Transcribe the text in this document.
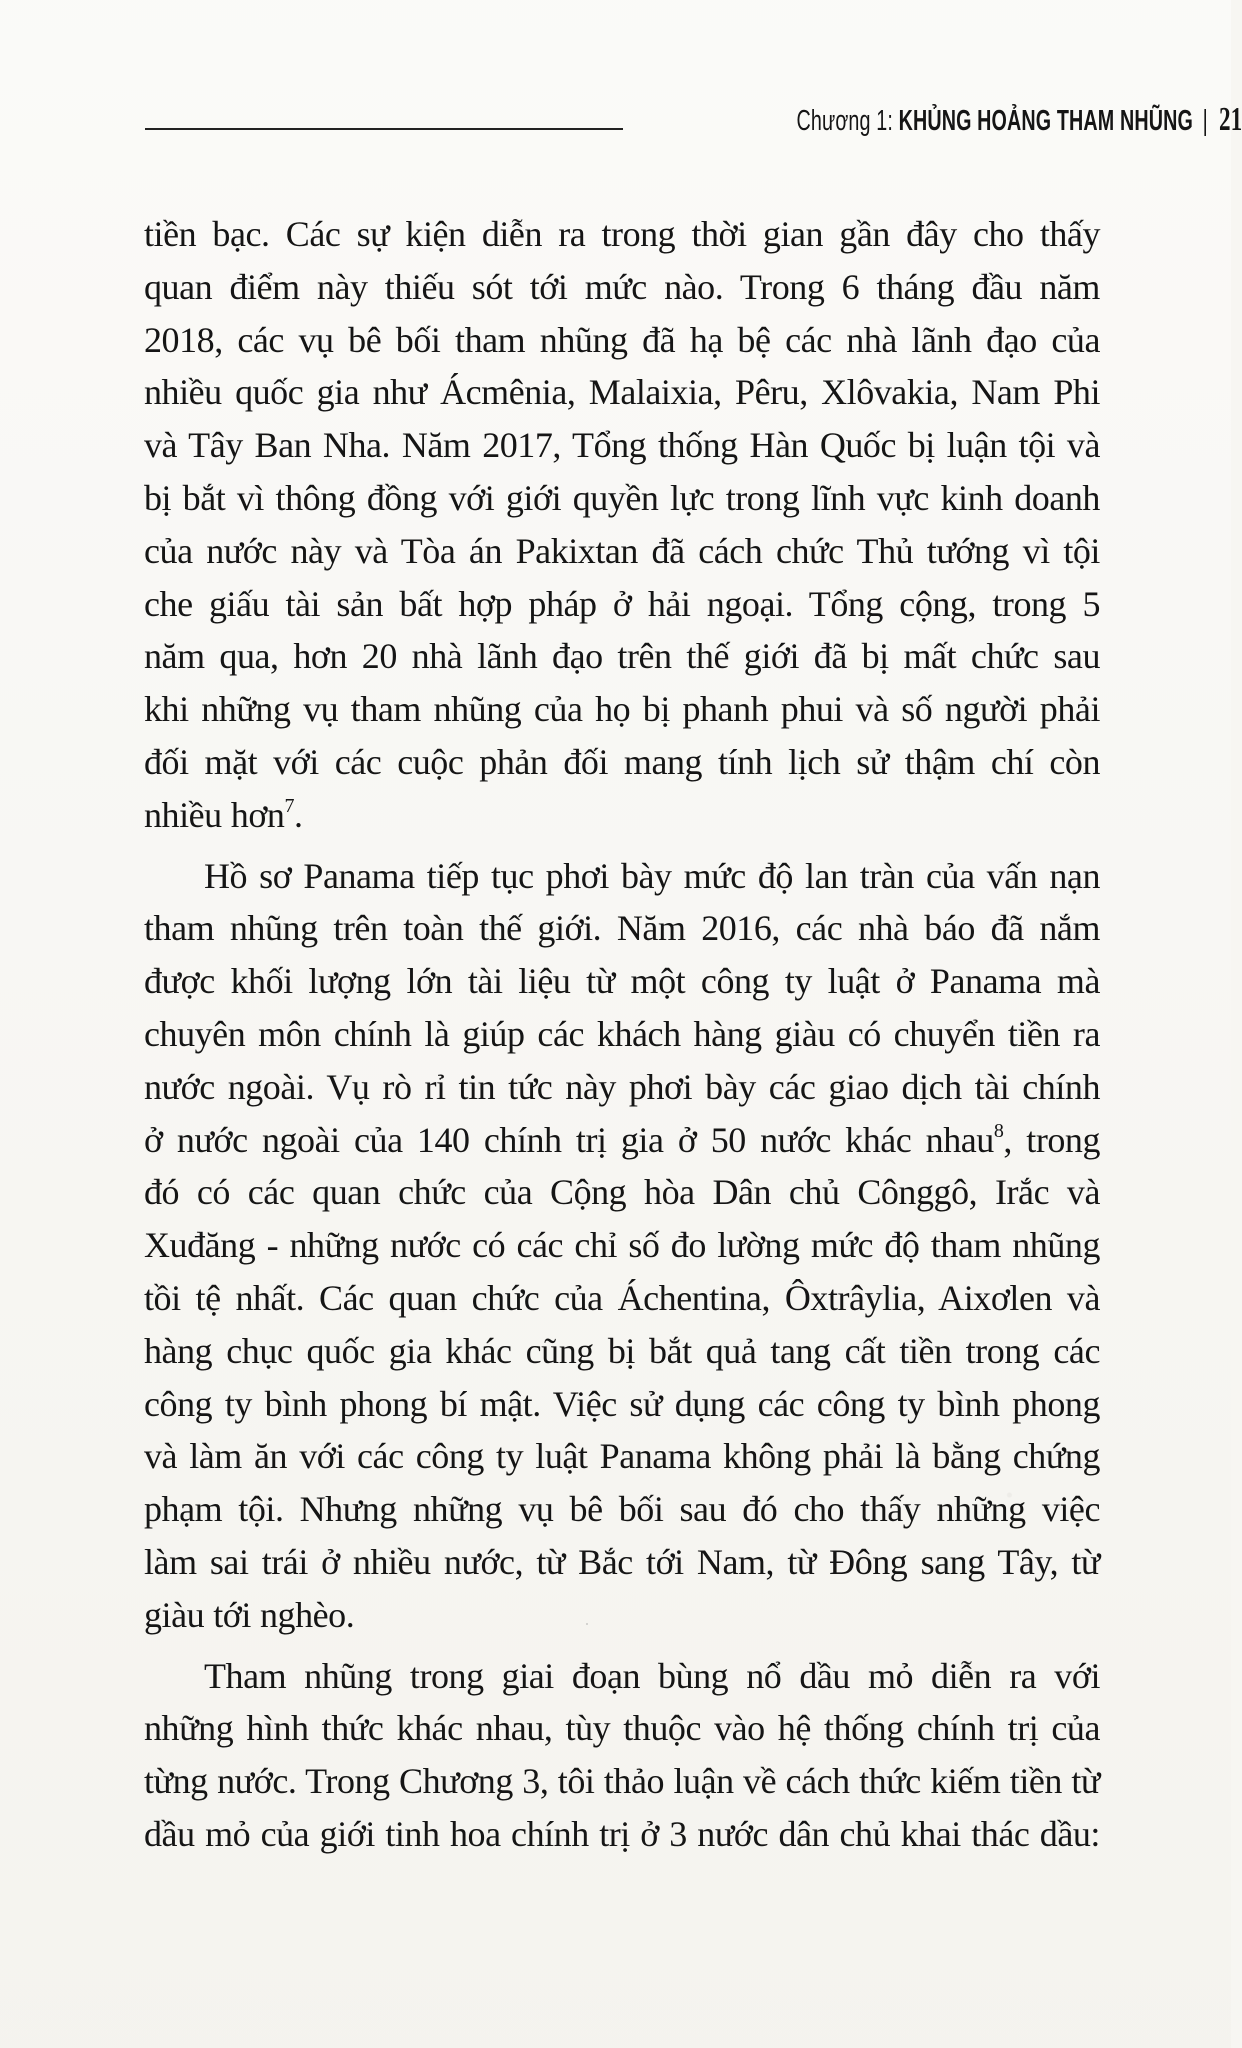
Chương 1: KHỦNG HOẢNG THAM NHŨNG | 21
tiền bạc. Các sự kiện diễn ra trong thời gian gần đây cho thấy
quan điểm này thiếu sót tới mức nào. Trong 6 tháng đầu năm
2018, các vụ bê bối tham nhũng đã hạ bệ các nhà lãnh đạo của
nhiều quốc gia như Ácmênia, Malaixia, Pêru, Xlôvakia, Nam Phi
và Tây Ban Nha. Năm 2017, Tổng thống Hàn Quốc bị luận tội và
bị bắt vì thông đồng với giới quyền lực trong lĩnh vực kinh doanh
của nước này và Tòa án Pakixtan đã cách chức Thủ tướng vì tội
che giấu tài sản bất hợp pháp ở hải ngoại. Tổng cộng, trong 5
năm qua, hơn 20 nhà lãnh đạo trên thế giới đã bị mất chức sau
khi những vụ tham nhũng của họ bị phanh phui và số người phải
đối mặt với các cuộc phản đối mang tính lịch sử thậm chí còn
nhiều hơn$^7$.
Hồ sơ Panama tiếp tục phơi bày mức độ lan tràn của vấn nạn
tham nhũng trên toàn thế giới. Năm 2016, các nhà báo đã nắm
được khối lượng lớn tài liệu từ một công ty luật ở Panama mà
chuyên môn chính là giúp các khách hàng giàu có chuyển tiền ra
nước ngoài. Vụ rò rỉ tin tức này phơi bày các giao dịch tài chính
ở nước ngoài của 140 chính trị gia ở 50 nước khác nhau$^8$, trong
đó có các quan chức của Cộng hòa Dân chủ Cônggô, Irắc và
Xuđăng - những nước có các chỉ số đo lường mức độ tham nhũng
tồi tệ nhất. Các quan chức của Áchentina, Ôxtrâylia, Aixơlen và
hàng chục quốc gia khác cũng bị bắt quả tang cất tiền trong các
công ty bình phong bí mật. Việc sử dụng các công ty bình phong
và làm ăn với các công ty luật Panama không phải là bằng chứng
phạm tội. Nhưng những vụ bê bối sau đó cho thấy những việc
làm sai trái ở nhiều nước, từ Bắc tới Nam, từ Đông sang Tây, từ
giàu tới nghèo.
Tham nhũng trong giai đoạn bùng nổ dầu mỏ diễn ra với
những hình thức khác nhau, tùy thuộc vào hệ thống chính trị của
từng nước. Trong Chương 3, tôi thảo luận về cách thức kiếm tiền từ
dầu mỏ của giới tinh hoa chính trị ở 3 nước dân chủ khai thác dầu:
